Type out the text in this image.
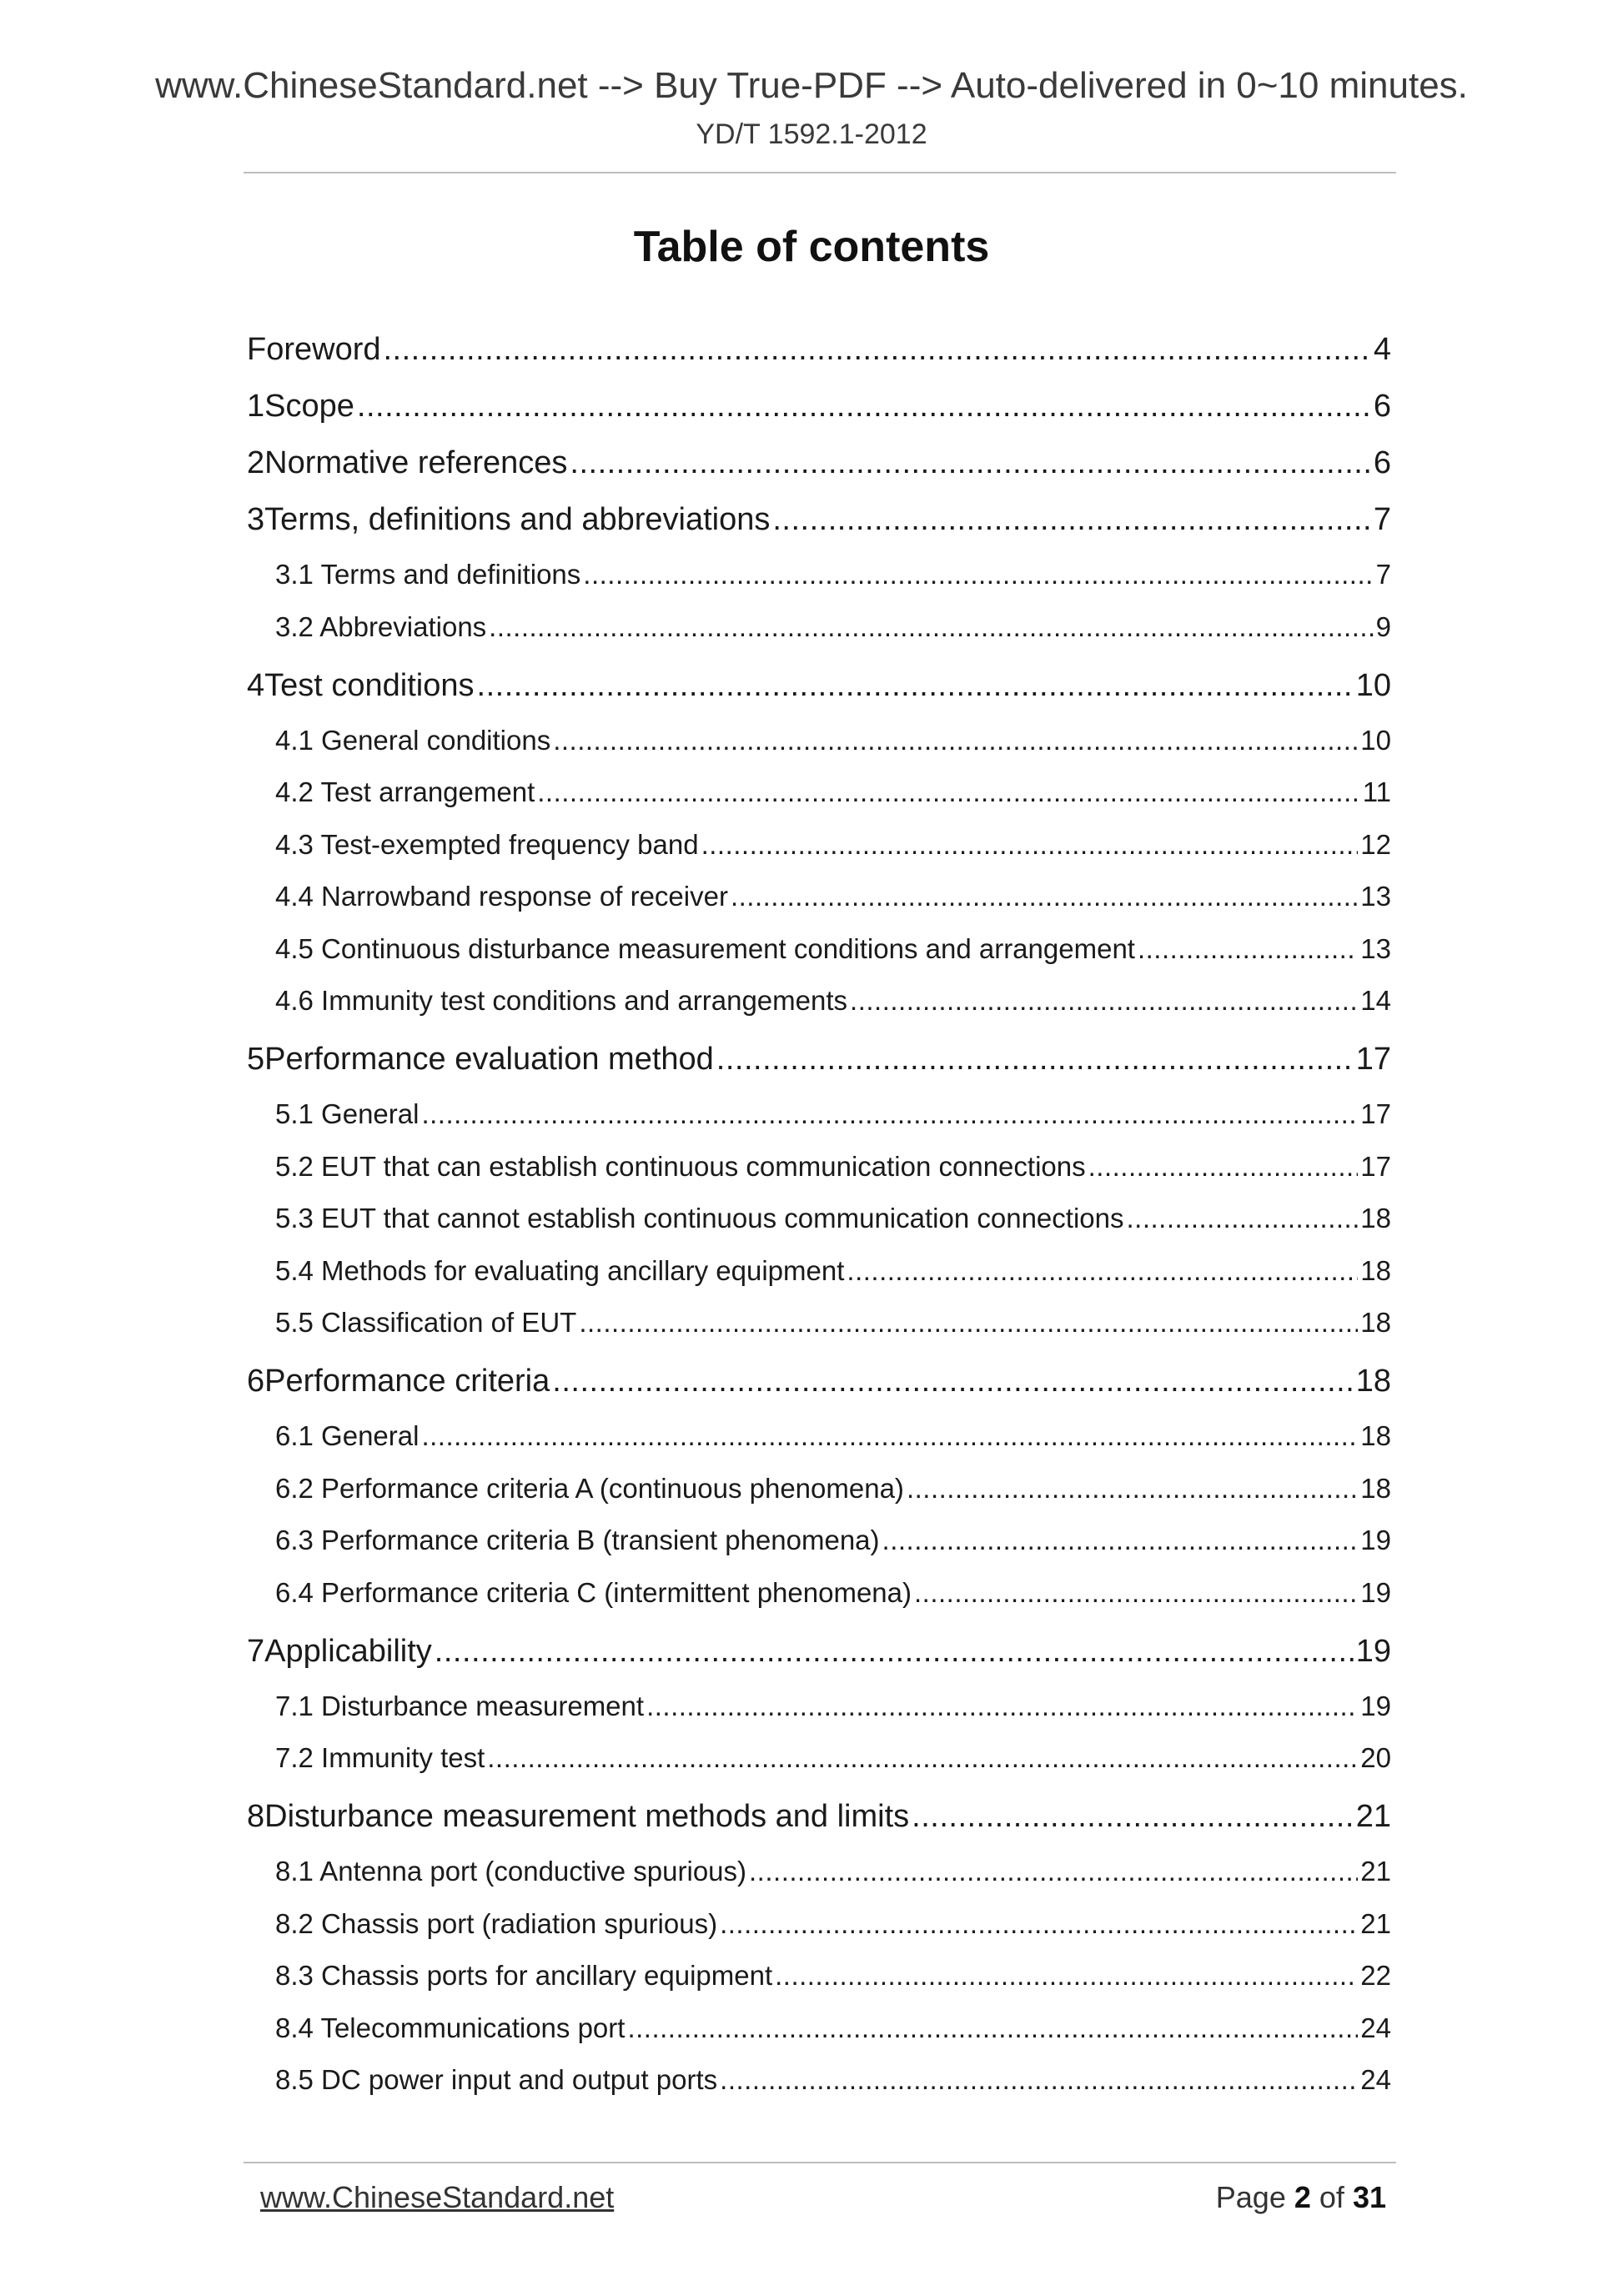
www.ChineseStandard.net --> Buy True-PDF --> Auto-delivered in 0~10 minutes.
YD/T 1592.1-2012
Table of contents
Foreword .....	4
1 Scope .....	6
2 Normative references .....	6
3 Terms, definitions and abbreviations .....	7
3.1 Terms and definitions .....	7
3.2 Abbreviations .....	9
4 Test conditions .....	10
4.1 General conditions .....	10
4.2 Test arrangement .....	11
4.3 Test-exempted frequency band .....	12
4.4 Narrowband response of receiver .....	13
4.5 Continuous disturbance measurement conditions and arrangement .....	13
4.6 Immunity test conditions and arrangements .....	14
5 Performance evaluation method .....	17
5.1 General .....	17
5.2 EUT that can establish continuous communication connections .....	17
5.3 EUT that cannot establish continuous communication connections .....	18
5.4 Methods for evaluating ancillary equipment .....	18
5.5 Classification of EUT .....	18
6 Performance criteria .....	18
6.1 General .....	18
6.2 Performance criteria A (continuous phenomena) .....	18
6.3 Performance criteria B (transient phenomena) .....	19
6.4 Performance criteria C (intermittent phenomena) .....	19
7 Applicability .....	19
7.1 Disturbance measurement .....	19
7.2 Immunity test .....	20
8 Disturbance measurement methods and limits .....	21
8.1 Antenna port (conductive spurious) .....	21
8.2 Chassis port (radiation spurious) .....	21
8.3 Chassis ports for ancillary equipment .....	22
8.4 Telecommunications port .....	24
8.5 DC power input and output ports .....	24
www.ChineseStandard.net	Page 2 of 31
